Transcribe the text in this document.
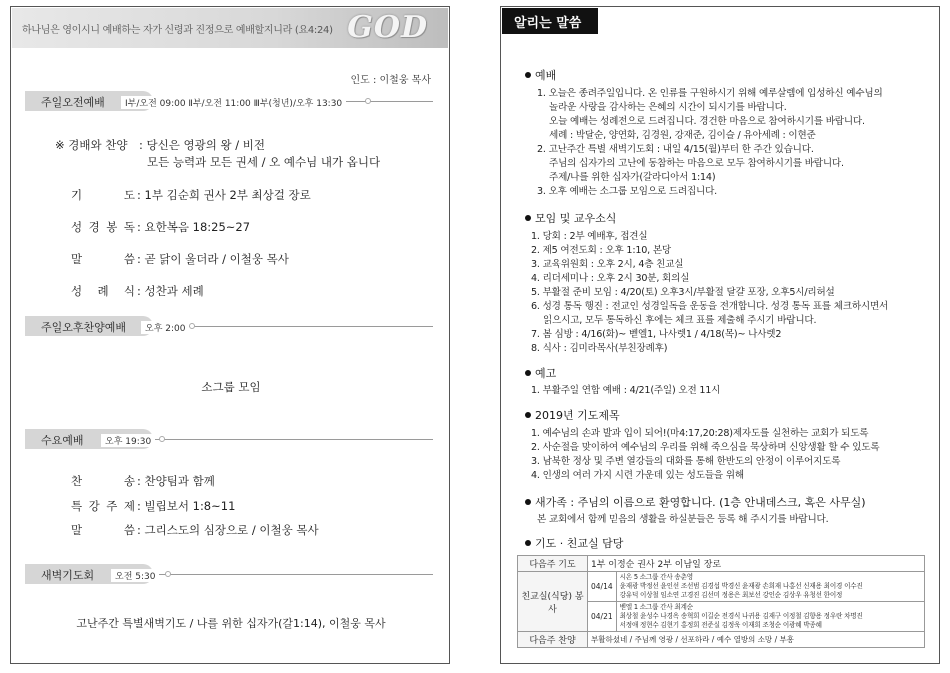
하나님은 영이시니 예배하는 자가 신령과 진정으로 예배할지니라 (요4:24) GOD
인도 : 이철웅 목사
주일오전예배	Ⅰ부/오전 09:00 Ⅱ부/오전 11:00 Ⅲ부(청년)/오후 13:30
※ 경배와 찬양 : 당신은 영광의 왕 / 비전
모든 능력과 모든 권세 / 오 예수님 내가 옵니다
기 도 : 1부 김순희 권사 2부 최상걸 장로
성 경 봉 독 : 요한복음 18:25~27
말 씀 : 곧 닭이 울더라 / 이철웅 목사
성 례 식 : 성찬과 세례
주일오후찬양예배	오후 2:00
소그룹 모임
수요예배	오후 19:30
찬 송 : 찬양팀과 함께
특 강 주 제 : 빌립보서 1:8~11
말 씀 : 그리스도의 심장으로 / 이철웅 목사
새벽기도회	오전 5:30
고난주간 특별새벽기도 / 나를 위한 십자가(갈1:14), 이철웅 목사
알리는 말씀
예배
1. 오늘은 종려주일입니다. 온 인류를 구원하시기 위해 예루살렘에 입성하신 예수님의
놀라운 사랑을 감사하는 은혜의 시간이 되시기를 바랍니다.
오늘 예배는 성례전으로 드려집니다. 경건한 마음으로 참여하시기를 바랍니다.
세례 : 박달순, 양연화, 김경원, 강재준, 김이슬 / 유아세례 : 이현준
2. 고난주간 특별 새벽기도회 : 내일 4/15(월)부터 한 주간 있습니다.
주님의 십자가의 고난에 동참하는 마음으로 모두 참여하시기를 바랍니다.
주제/나를 위한 십자가(갈라디아서 1:14)
3. 오후 예배는 소그룹 모임으로 드려집니다.
모임 및 교우소식
1. 당회 : 2부 예배후, 접견실
2. 제5 여전도회 : 오후 1:10, 본당
3. 교육위원회 : 오후 2시, 4층 친교실
4. 리더세미나 : 오후 2시 30분, 회의실
5. 부활절 준비 모임 : 4/20(토) 오후3시/부활절 달걀 포장, 오후5시/리허설
6. 성경 통독 행진 : 전교인 성경일독을 운동을 전개합니다. 성경 통독 표를 체크하시면서
읽으시고, 모두 통독하신 후에는 체크 표를 제출해 주시기 바랍니다.
7. 봄 심방 : 4/16(화)~ 벧엘1, 나사렛1 / 4/18(목)~ 나사렛2
8. 식사 : 김미라목사(부친장례후)
예고
1. 부활주일 연합 예배 : 4/21(주일) 오전 11시
2019년 기도제목
1. 예수님의 손과 발과 입이 되어!(마4:17,20:28)제자도를 실천하는 교회가 되도록
2. 사순절을 맞이하여 예수님의 우리를 위해 죽으심을 묵상하며 신앙생활 할 수 있도록
3. 남북한 정상 및 주변 열강들의 대화를 통해 한반도의 안정이 이루어지도록
4. 인생의 여러 가지 시련 가운데 있는 성도들을 위해
새가족 : 주님의 이름으로 환영합니다. (1층 안내데스크, 혹은 사무실)
본 교회에서 함께 믿음의 생활을 하실분들은 등록 해 주시기를 바랍니다.
기도 · 친교실 담당
다음주 기도	1부 이정순 권사 2부 이남일 장로	
친교실(식당) 봉사	04/14	시온 5 소그룹 간사 송춘영
윤재광 박정선 윤인선 조선범 김경섭 박경신 윤재광 손희재 나홍선 신재용 최이경 이수진
강유덕 이상철 임소연 고경진 김선미 정용은 최보선 강인순 김상우 유청선 한이정

	04/21	벧엘 1 소그룹 간사 최계순
최상철 윤성수 나경옥 송혁희 이길순 전경식 나귀용 김재구 이정철 김향용 정우란 차명진
서정애 정현수 김현기 홍정희 전준실 김정욱 이재희 조청순 이광혜 박종혜

다음주 찬양	부활하셨네 / 주님께 영광 / 선포하라 / 예수 열방의 소망 / 부흥	
